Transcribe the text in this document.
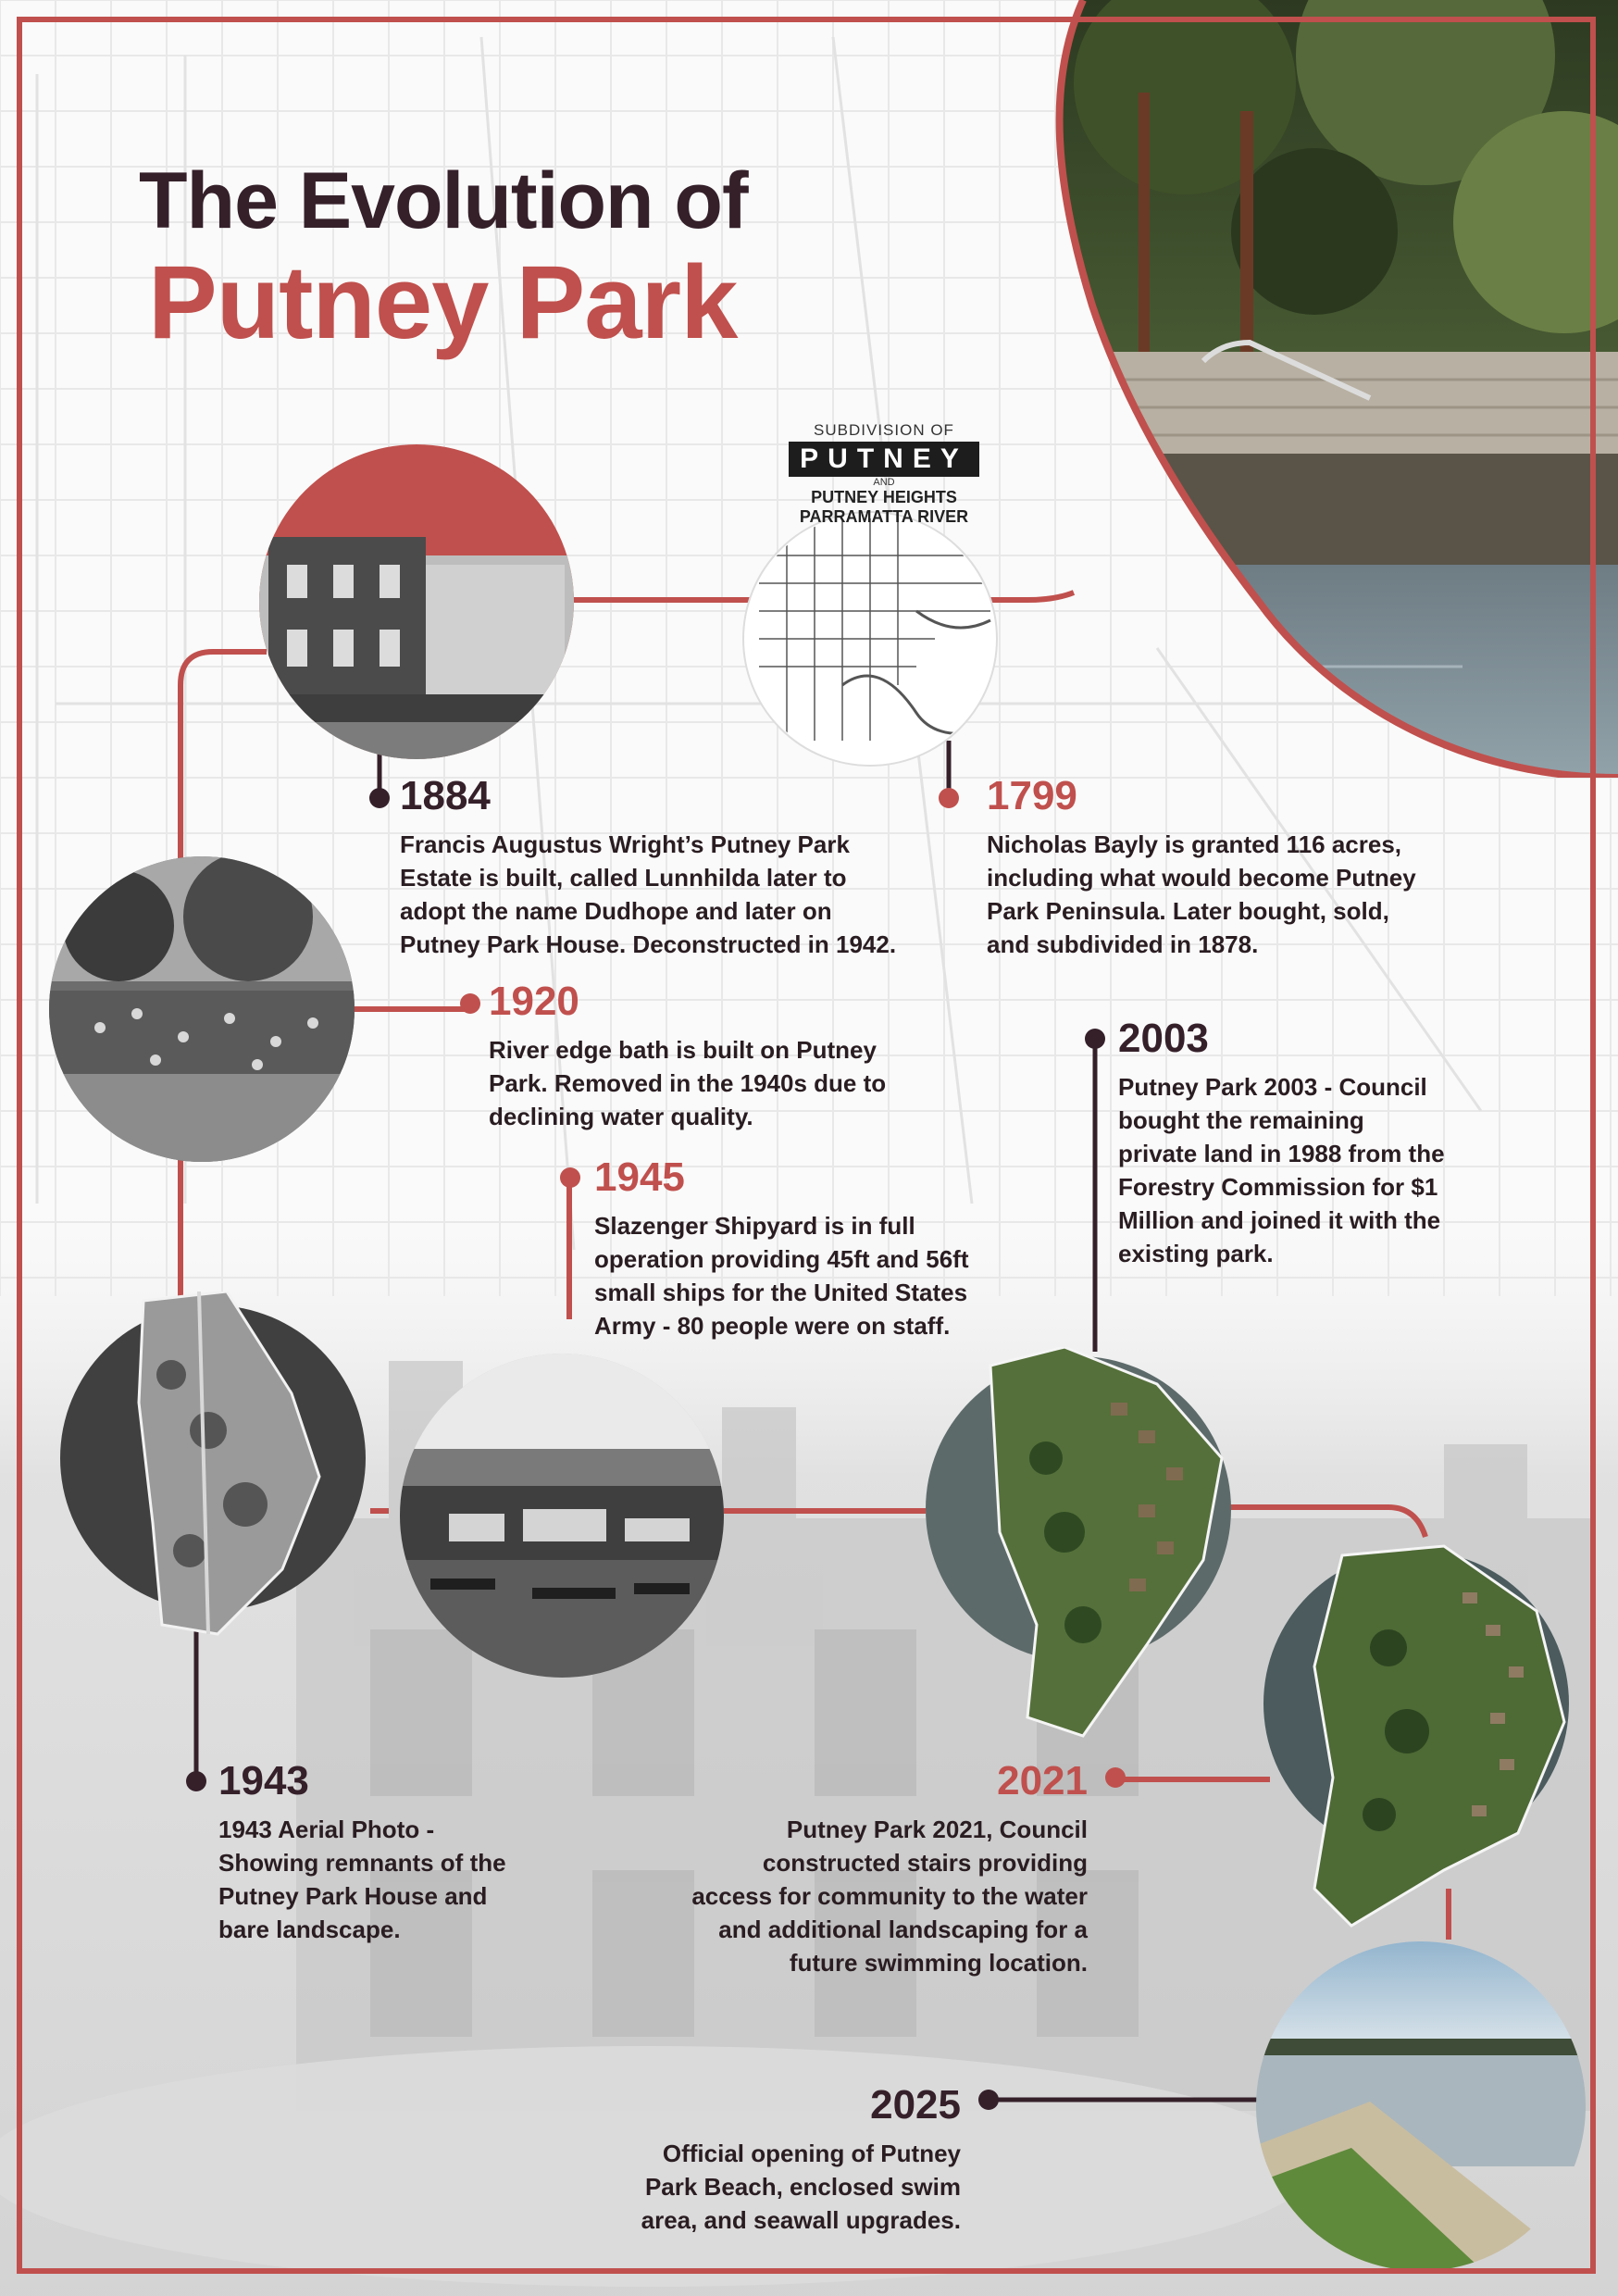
The Evolution of
Putney Park
SUBDIVISION OF
PUTNEY
AND
PUTNEY HEIGHTS
PARRAMATTA RIVER
1884
Francis Augustus Wright’s Putney Park
Estate is built, called Lunnhilda later to
adopt the name Dudhope and later on
Putney Park House. Deconstructed in 1942.
1799
Nicholas Bayly is granted 116 acres,
including what would become Putney
Park Peninsula. Later bought, sold,
and subdivided in 1878.
1920
River edge bath is built on Putney
Park. Removed in the 1940s due to
declining water quality.
2003
Putney Park 2003 - Council
bought the remaining
private land in 1988 from the
Forestry Commission for $1
Million and joined it with the
existing park.
1945
Slazenger Shipyard is in full
operation providing 45ft and 56ft
small ships for the United States
Army - 80 people were on staff.
1943
1943 Aerial Photo -
Showing remnants of the
Putney Park House and
bare landscape.
2021
Putney Park 2021, Council
constructed stairs providing
access for community to the water
and additional landscaping for a
future swimming location.
2025
Official opening of Putney
Park Beach, enclosed swim
area, and seawall upgrades.
